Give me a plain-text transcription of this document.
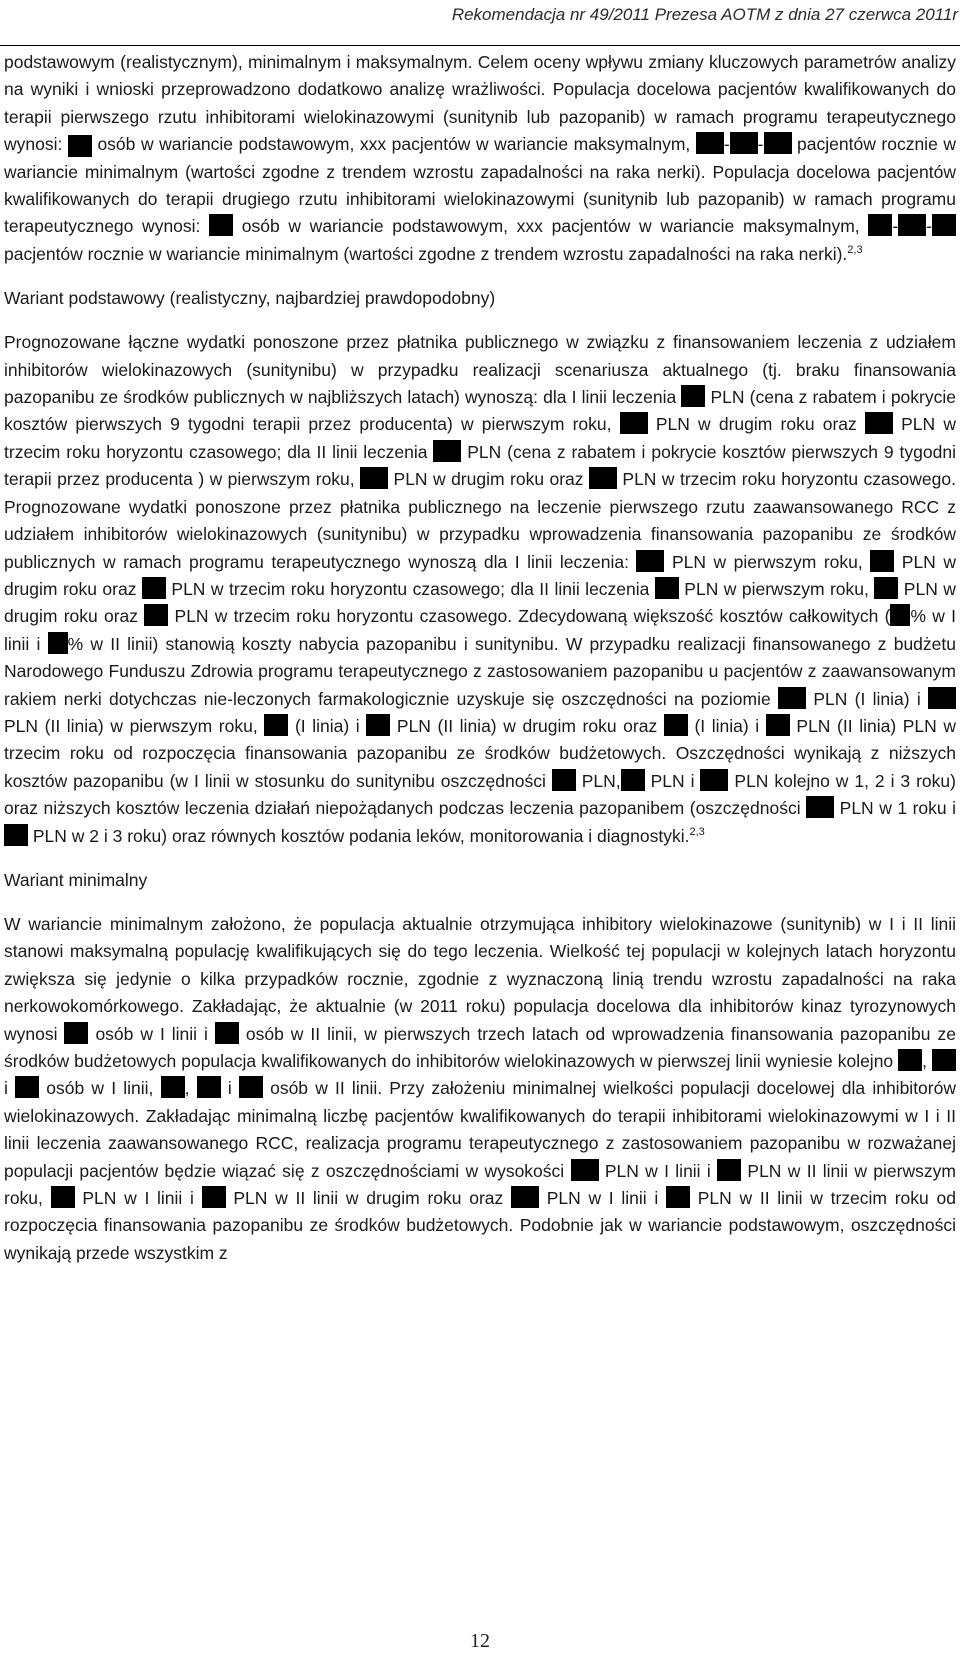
Rekomendacja nr 49/2011 Prezesa AOTM z dnia 27 czerwca 2011r

podstawowym (realistycznym), minimalnym i maksymalnym. Celem oceny wpływu zmiany kluczowych parametrów analizy na wyniki i wnioski przeprowadzono dodatkowo analizę wrażliwości. Populacja docelowa pacjentów kwalifikowanych do terapii pierwszego rzutu inhibitorami wielokinazowymi (sunitynib lub pazopanib) w ramach programu terapeutycznego wynosi: osób w wariancie podstawowym, xxx pacjentów w wariancie maksymalnym, - - pacjentów rocznie w wariancie minimalnym (wartości zgodne z trendem wzrostu zapadalności na raka nerki). Populacja docelowa pacjentów kwalifikowanych do terapii drugiego rzutu inhibitorami wielokinazowymi (sunitynib lub pazopanib) w ramach programu terapeutycznego wynosi: osób w wariancie podstawowym, xxx pacjentów w wariancie maksymalnym, - - pacjentów rocznie w wariancie minimalnym (wartości zgodne z trendem wzrostu zapadalności na raka nerki).$^{2,3}$

Wariant podstawowy (realistyczny, najbardziej prawdopodobny)

Prognozowane łączne wydatki ponoszone przez płatnika publicznego w związku z finansowaniem leczenia z udziałem inhibitorów wielokinazowych (sunitynibu) w przypadku realizacji scenariusza aktualnego (tj. braku finansowania pazopanibu ze środków publicznych w najbliższych latach) wynoszą: dla I linii leczenia PLN (cena z rabatem i pokrycie kosztów pierwszych 9 tygodni terapii przez producenta) w pierwszym roku,	PLN w drugim roku oraz	PLN w trzecim roku horyzontu czasowego; dla II linii leczenia PLN (cena z rabatem i pokrycie kosztów pierwszych 9 tygodni terapii przez producenta ) w pierwszym roku, PLN w drugim roku oraz PLN w trzecim roku horyzontu czasowego. Prognozowane wydatki ponoszone przez płatnika publicznego na leczenie pierwszego rzutu zaawansowanego RCC z udziałem inhibitorów wielokinazowych (sunitynibu) w przypadku wprowadzenia finansowania pazopanibu ze środków publicznych w ramach programu terapeutycznego wynoszą dla I linii leczenia: PLN w pierwszym roku, PLN w drugim roku oraz PLN w trzecim roku horyzontu czasowego; dla II linii leczenia PLN w pierwszym roku, PLN w drugim roku oraz PLN w trzecim roku horyzontu czasowego. Zdecydowaną większość kosztów całkowitych ( % w I linii i % w II linii) stanowią koszty nabycia pazopanibu i sunitynibu. W przypadku realizacji finansowanego z budżetu Narodowego Funduszu Zdrowia programu terapeutycznego z zastosowaniem pazopanibu u pacjentów z zaawansowanym rakiem nerki dotychczas nie-leczonych farmakologicznie uzyskuje się oszczędności na poziomie PLN (I linia) i  PLN (II linia) w pierwszym roku, (I linia) i PLN (II linia) w drugim roku oraz (I linia) i PLN (II linia) PLN w trzecim roku od rozpoczęcia finansowania pazopanibu ze środków budżetowych. Oszczędności wynikają z niższych kosztów pazopanibu (w I linii w stosunku do sunitynibu oszczędności PLN, PLN i PLN kolejno w 1, 2 i 3 roku) oraz niższych kosztów leczenia działań niepożądanych podczas leczenia pazopanibem (oszczędności PLN w 1 roku i PLN w 2 i 3 roku) oraz równych kosztów podania leków, monitorowania i diagnostyki.$^{2,3}$

Wariant minimalny

W wariancie minimalnym założono, że populacja aktualnie otrzymująca inhibitory wielokinazowe (sunitynib) w I i II linii stanowi maksymalną populację kwalifikujących się do tego leczenia. Wielkość tej populacji w kolejnych latach horyzontu zwiększa się jedynie o kilka przypadków rocznie, zgodnie z wyznaczoną linią trendu wzrostu zapadalności na raka nerkowokomórkowego. Zakładając, że aktualnie (w 2011 roku) populacja docelowa dla inhibitorów kinaz tyrozynowych wynosi osób w I linii i osób w II linii, w pierwszych trzech latach od wprowadzenia finansowania pazopanibu ze środków budżetowych populacja kwalifikowanych do inhibitorów wielokinazowych w pierwszej linii wyniesie kolejno ,  i osób w I linii, , i osób w II linii. Przy założeniu minimalnej wielkości populacji docelowej dla inhibitorów wielokinazowych. Zakładając minimalną liczbę pacjentów kwalifikowanych do terapii inhibitorami wielokinazowymi w I i II linii leczenia zaawansowanego RCC, realizacja programu terapeutycznego z zastosowaniem pazopanibu w rozważanej populacji pacjentów będzie wiązać się z oszczędnościami w wysokości PLN w I linii i PLN w II linii w pierwszym roku, PLN w I linii i PLN w II linii w drugim roku oraz PLN w I linii i PLN w II linii w trzecim roku od rozpoczęcia finansowania pazopanibu ze środków budżetowych. Podobnie jak w wariancie podstawowym, oszczędności wynikają przede wszystkim z

12
